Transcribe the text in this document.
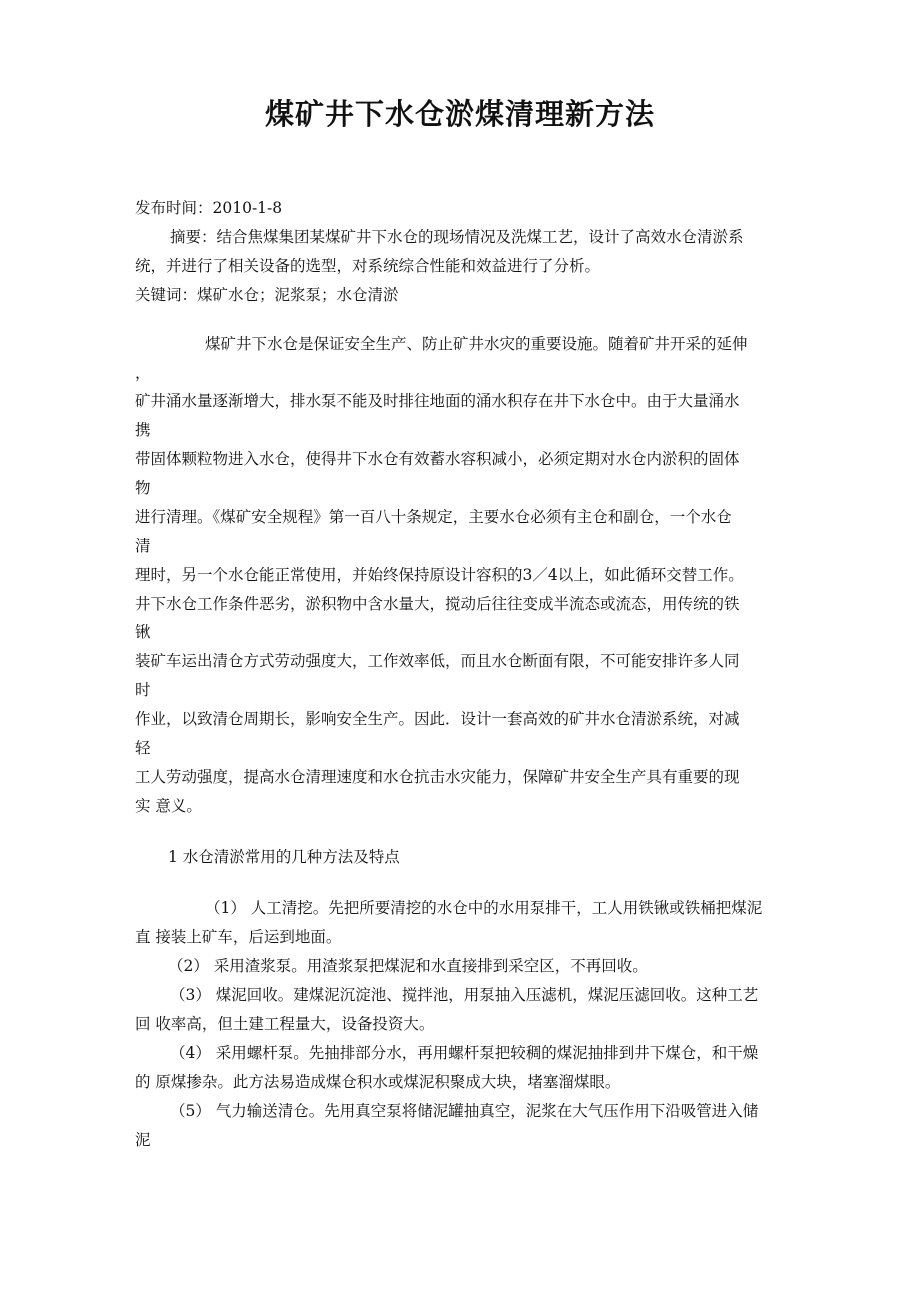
煤矿井下水仓淤煤清理新方法
发布时间：2010-1-8
摘要：结合焦煤集团某煤矿井下水仓的现场情况及洗煤工艺，设计了高效水仓清淤系
统，并进行了相关设备的选型，对系统综合性能和效益进行了分析。
关键词：煤矿水仓；泥浆泵；水仓清淤
煤矿井下水仓是保证安全生产、防止矿井水灾的重要设施。随着矿井开采的延伸
，
矿井涌水量逐渐增大，排水泵不能及时排往地面的涌水积存在井下水仓中。由于大量涌水
携
带固体颗粒物进入水仓，使得井下水仓有效蓄水容积减小，必须定期对水仓内淤积的固体
物
进行清理。《煤矿安全规程》第一百八十条规定，主要水仓必须有主仓和副仓，一个水仓
清
理时，另一个水仓能正常使用，并始终保持原设计容积的3／4以上，如此循环交替工作。
井下水仓工作条件恶劣，淤积物中含水量大，搅动后往往变成半流态或流态，用传统的铁
锹
装矿车运出清仓方式劳动强度大，工作效率低，而且水仓断面有限，不可能安排许多人同
时
作业，以致清仓周期长，影响安全生产。因此．设计一套高效的矿井水仓清淤系统，对减
轻
工人劳动强度，提高水仓清理速度和水仓抗击水灾能力，保障矿井安全生产具有重要的现
实 意义。
1 水仓清淤常用的几种方法及特点
（1） 人工清挖。先把所要清挖的水仓中的水用泵排干，工人用铁锹或铁桶把煤泥
直 接装上矿车，后运到地面。
（2） 采用渣浆泵。用渣浆泵把煤泥和水直接排到采空区，不再回收。
（3） 煤泥回收。建煤泥沉淀池、搅拌池，用泵抽入压滤机，煤泥压滤回收。这种工艺
回 收率高，但土建工程量大，设备投资大。
（4） 采用螺杆泵。先抽排部分水，再用螺杆泵把较稠的煤泥抽排到井下煤仓，和干燥
的 原煤掺杂。此方法易造成煤仓积水或煤泥积聚成大块，堵塞溜煤眼。
（5） 气力输送清仓。先用真空泵将储泥罐抽真空，泥浆在大气压作用下沿吸管进入储
泥
